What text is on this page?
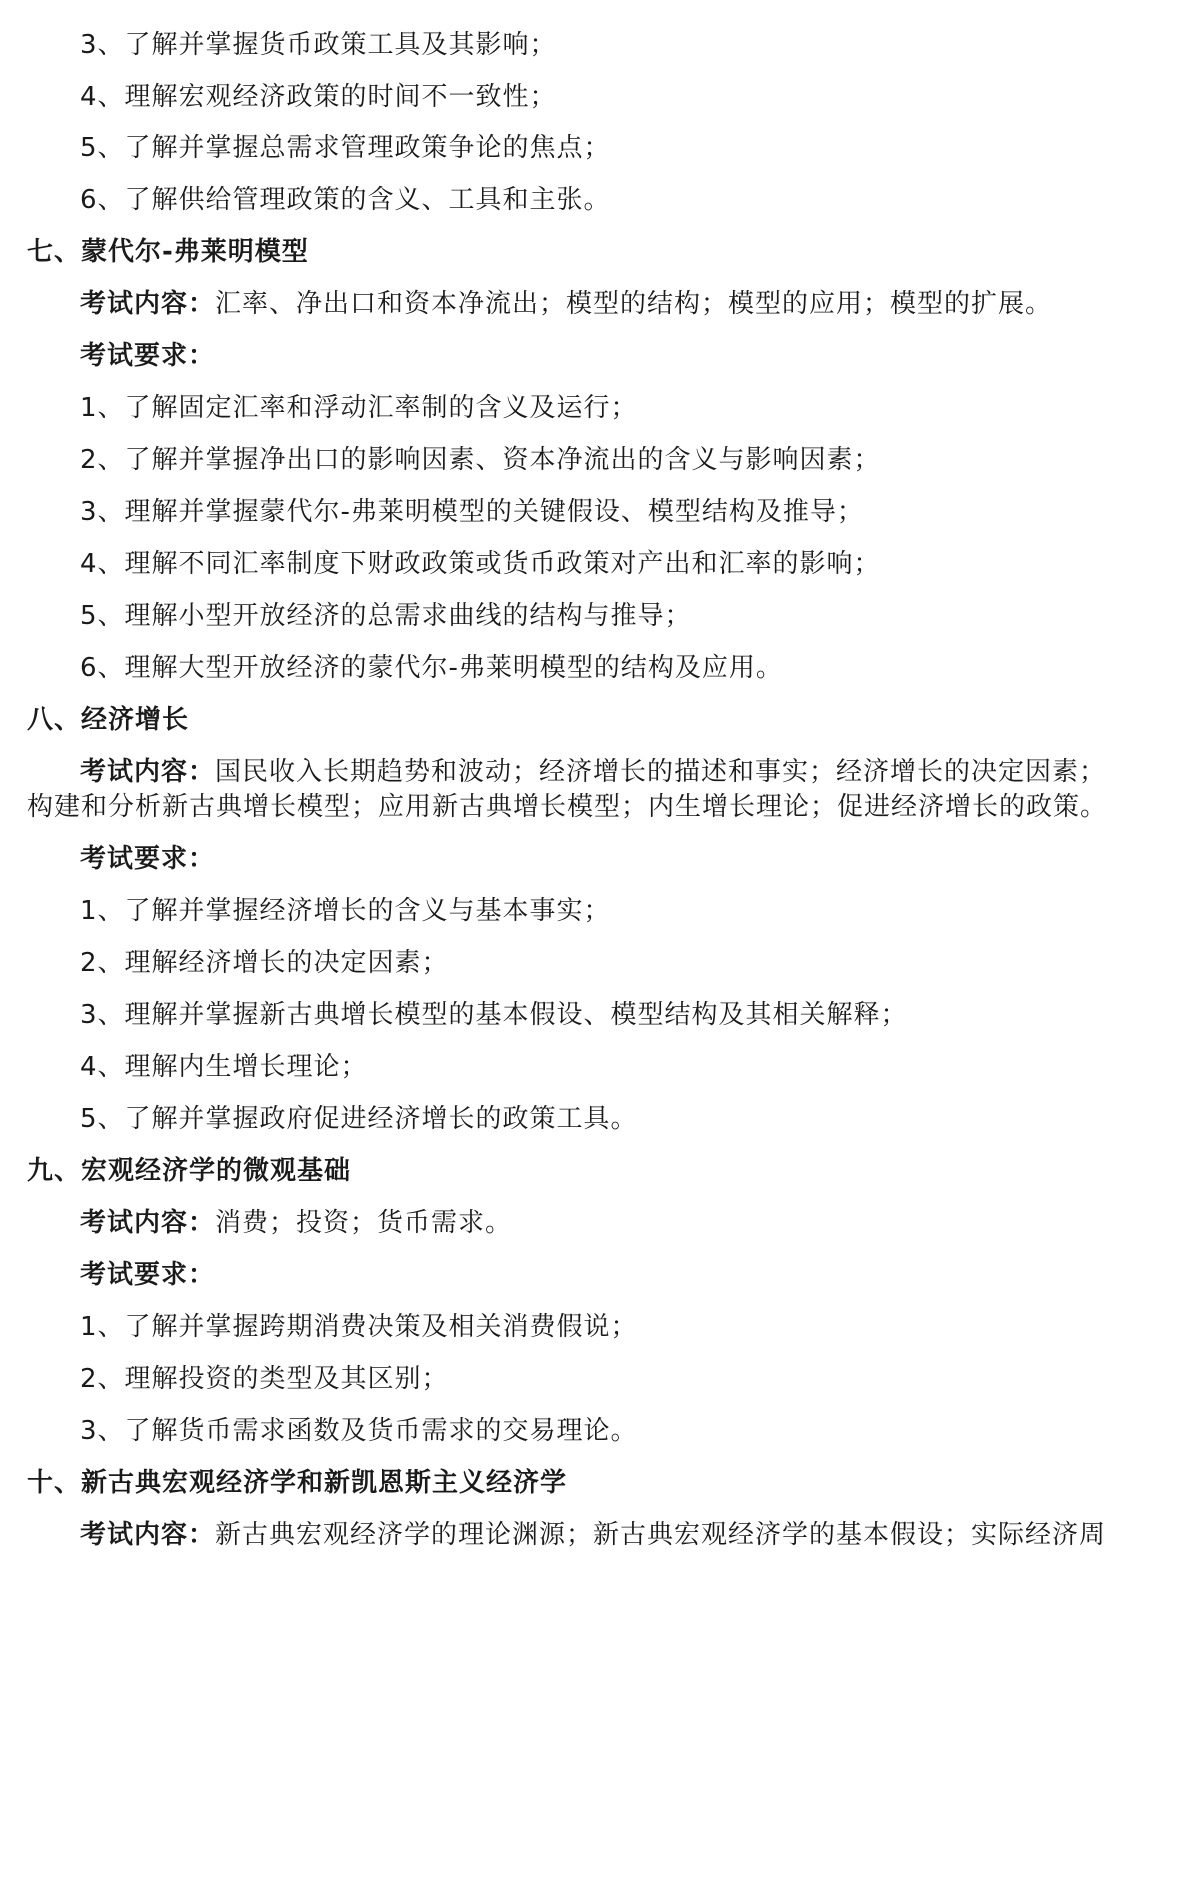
3、了解并掌握货币政策工具及其影响；
4、理解宏观经济政策的时间不一致性；
5、了解并掌握总需求管理政策争论的焦点；
6、了解供给管理政策的含义、工具和主张。
七、蒙代尔-弗莱明模型
考试内容：汇率、净出口和资本净流出；模型的结构；模型的应用；模型的扩展。
考试要求：
1、了解固定汇率和浮动汇率制的含义及运行；
2、了解并掌握净出口的影响因素、资本净流出的含义与影响因素；
3、理解并掌握蒙代尔-弗莱明模型的关键假设、模型结构及推导；
4、理解不同汇率制度下财政政策或货币政策对产出和汇率的影响；
5、理解小型开放经济的总需求曲线的结构与推导；
6、理解大型开放经济的蒙代尔-弗莱明模型的结构及应用。
八、经济增长
考试内容：国民收入长期趋势和波动；经济增长的描述和事实；经济增长的决定因素；
构建和分析新古典增长模型；应用新古典增长模型；内生增长理论；促进经济增长的政策。
考试要求：
1、了解并掌握经济增长的含义与基本事实；
2、理解经济增长的决定因素；
3、理解并掌握新古典增长模型的基本假设、模型结构及其相关解释；
4、理解内生增长理论；
5、了解并掌握政府促进经济增长的政策工具。
九、宏观经济学的微观基础
考试内容：消费；投资；货币需求。
考试要求：
1、了解并掌握跨期消费决策及相关消费假说；
2、理解投资的类型及其区别；
3、了解货币需求函数及货币需求的交易理论。
十、新古典宏观经济学和新凯恩斯主义经济学
考试内容：新古典宏观经济学的理论渊源；新古典宏观经济学的基本假设；实际经济周
